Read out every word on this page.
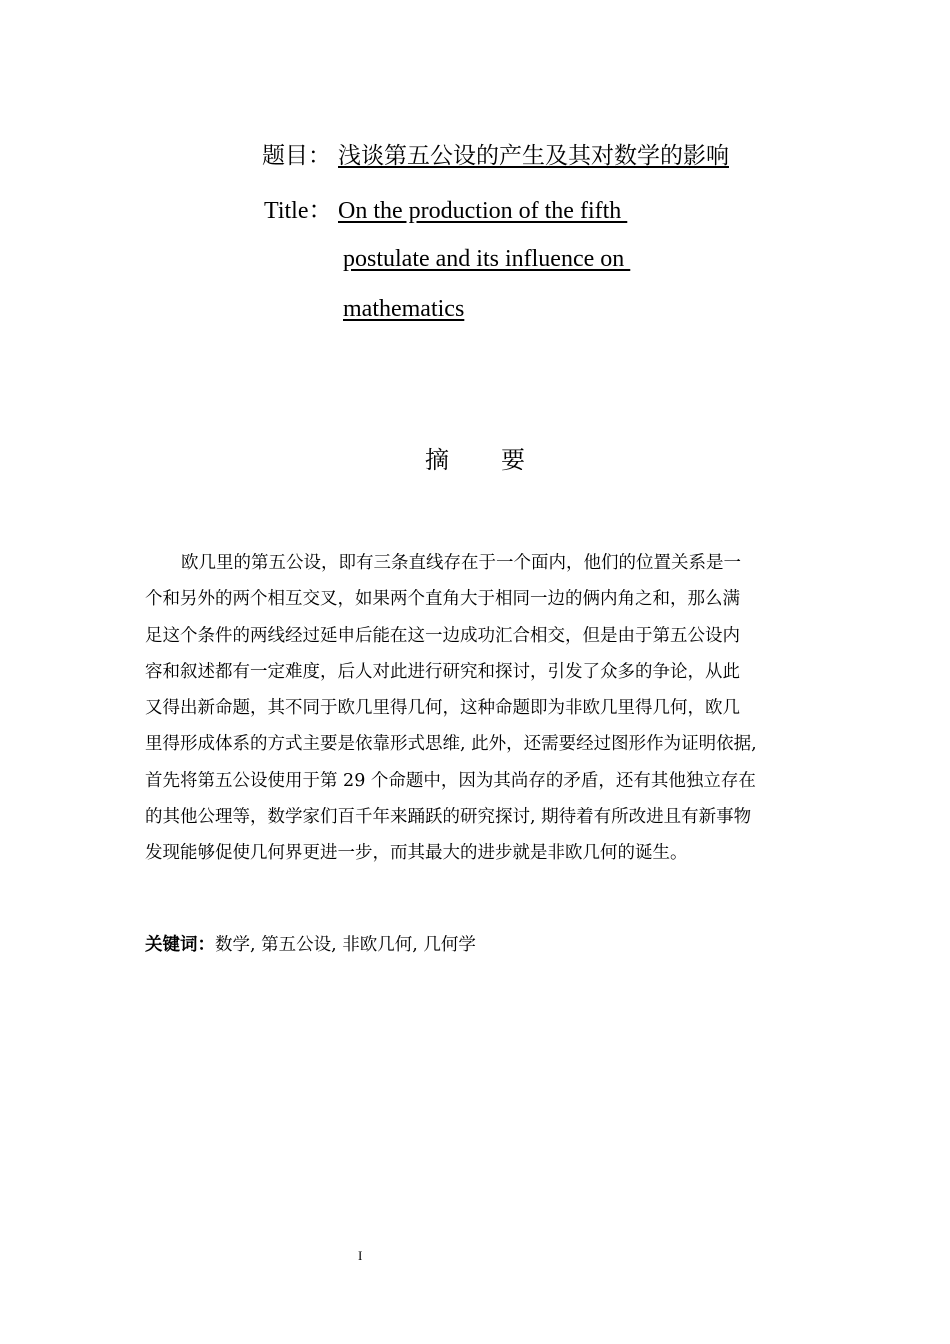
题目： 浅谈第五公设的产生及其对数学的影响
Title： On the production of the fifth
postulate and its influence on
mathematics
摘 要
欧几里的第五公设，即有三条直线存在于一个面内，他们的位置关系是一
个和另外的两个相互交叉，如果两个直角大于相同一边的俩内角之和，那么满
足这个条件的两线经过延申后能在这一边成功汇合相交，但是由于第五公设内
容和叙述都有一定难度，后人对此进行研究和探讨，引发了众多的争论，从此
又得出新命题，其不同于欧几里得几何，这种命题即为非欧几里得几何，欧几
里得形成体系的方式主要是依靠形式思维, 此外，还需要经过图形作为证明依据,
首先将第五公设使用于第 29 个命题中，因为其尚存的矛盾，还有其他独立存在
的其他公理等，数学家们百千年来踊跃的研究探讨, 期待着有所改进且有新事物
发现能够促使几何界更进一步，而其最大的进步就是非欧几何的诞生。
关键词：数学, 第五公设, 非欧几何, 几何学
I
